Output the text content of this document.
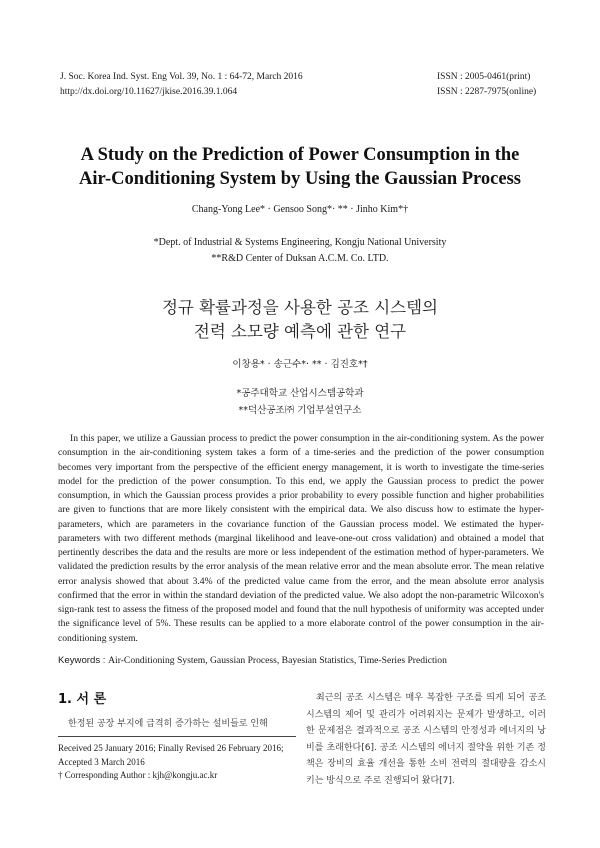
J. Soc. Korea Ind. Syst. Eng Vol. 39, No. 1 : 64-72, March 2016
http://dx.doi.org/10.11627/jkise.2016.39.1.064
ISSN : 2005-0461(print)
ISSN : 2287-7975(online)
A Study on the Prediction of Power Consumption in the
Air-Conditioning System by Using the Gaussian Process
Chang-Yong Lee* · Gensoo Song*· ** · Jinho Kim*†
*Dept. of Industrial & Systems Engineering, Kongju National University
**R&D Center of Duksan A.C.M. Co. LTD.
정규 확률과정을 사용한 공조 시스템의
전력 소모량 예측에 관한 연구
이창용* · 송근수*· ** · 김진호*†
*공주대학교 산업시스템공학과
**덕산공조㈜ 기업부설연구소

In this paper, we utilize a Gaussian process to predict the power consumption in the air-conditioning system. As the power consumption in the air-conditioning system takes a form of a time-series and the prediction of the power consumption becomes very important from the perspective of the efficient energy management, it is worth to investigate the time-series model for the prediction of the power consumption. To this end, we apply the Gaussian process to predict the power consumption, in which the Gaussian process provides a prior probability to every possible function and higher probabilities are given to functions that are more likely consistent with the empirical data. We also discuss how to estimate the hyper-parameters, which are parameters in the covariance function of the Gaussian process model. We estimated the hyper-parameters with two different methods (marginal likelihood and leave-one-out cross validation) and obtained a model that pertinently describes the data and the results are more or less independent of the estimation method of hyper-parameters. We validated the prediction results by the error analysis of the mean relative error and the mean absolute error. The mean relative error analysis showed that about 3.4% of the predicted value came from the error, and the mean absolute error analysis confirmed that the error in within the standard deviation of the predicted value. We also adopt the non-parametric Wilcoxon's sign-rank test to assess the fitness of the proposed model and found that the null hypothesis of uniformity was accepted under the significance level of 5%. These results can be applied to a more elaborate control of the power consumption in the air-conditioning system.

Keywords : Air-Conditioning System, Gaussian Process, Bayesian Statistics, Time-Series Prediction
1. 서 론

한정된 공장 부지에 급격히 증가하는 설비들로 인해

Received 25 January 2016; Finally Revised 26 February 2016;
Accepted 3 March 2016
† Corresponding Author : kjh@kongju.ac.kr

최근의 공조 시스템은 매우 복잡한 구조를 띄게 되어 공조 시스템의 제어 및 관리가 어려워지는 문제가 발생하고, 이러한 문제점은 결과적으로 공조 시스템의 안정성과 에너지의 낭비를 초래한다[6]. 공조 시스템의 에너지 절약을 위한 기존 정책은 장비의 효율 개선을 통한 소비 전력의 절대량을 감소시키는 방식으로 주로 진행되어 왔다[7].
